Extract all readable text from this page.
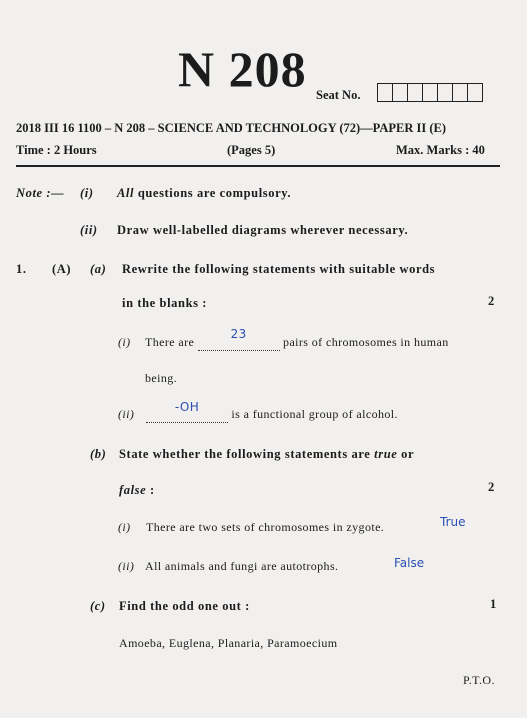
N 208 Seat No.
2018 III 16 1100 – N 208 – SCIENCE AND TECHNOLOGY (72)—PAPER II (E)
Time : 2 Hours	(Pages 5)	Max. Marks : 40
Note :— (i) All questions are compulsory.
(ii) Draw well-labelled diagrams wherever necessary.
1. (A) (a) Rewrite the following statements with suitable words
in the blanks :	2
(i) There are 23 pairs of chromosomes in human
being.
(ii)	-OH	is a functional group of alcohol.
(b) State whether the following statements are true or
false :	2
(i) There are two sets of chromosomes in zygote.	True
(ii) All animals and fungi are autotrophs.	False
(c) Find the odd one out :	1
Amoeba, Euglena, Planaria, Paramoecium
P.T.O.
